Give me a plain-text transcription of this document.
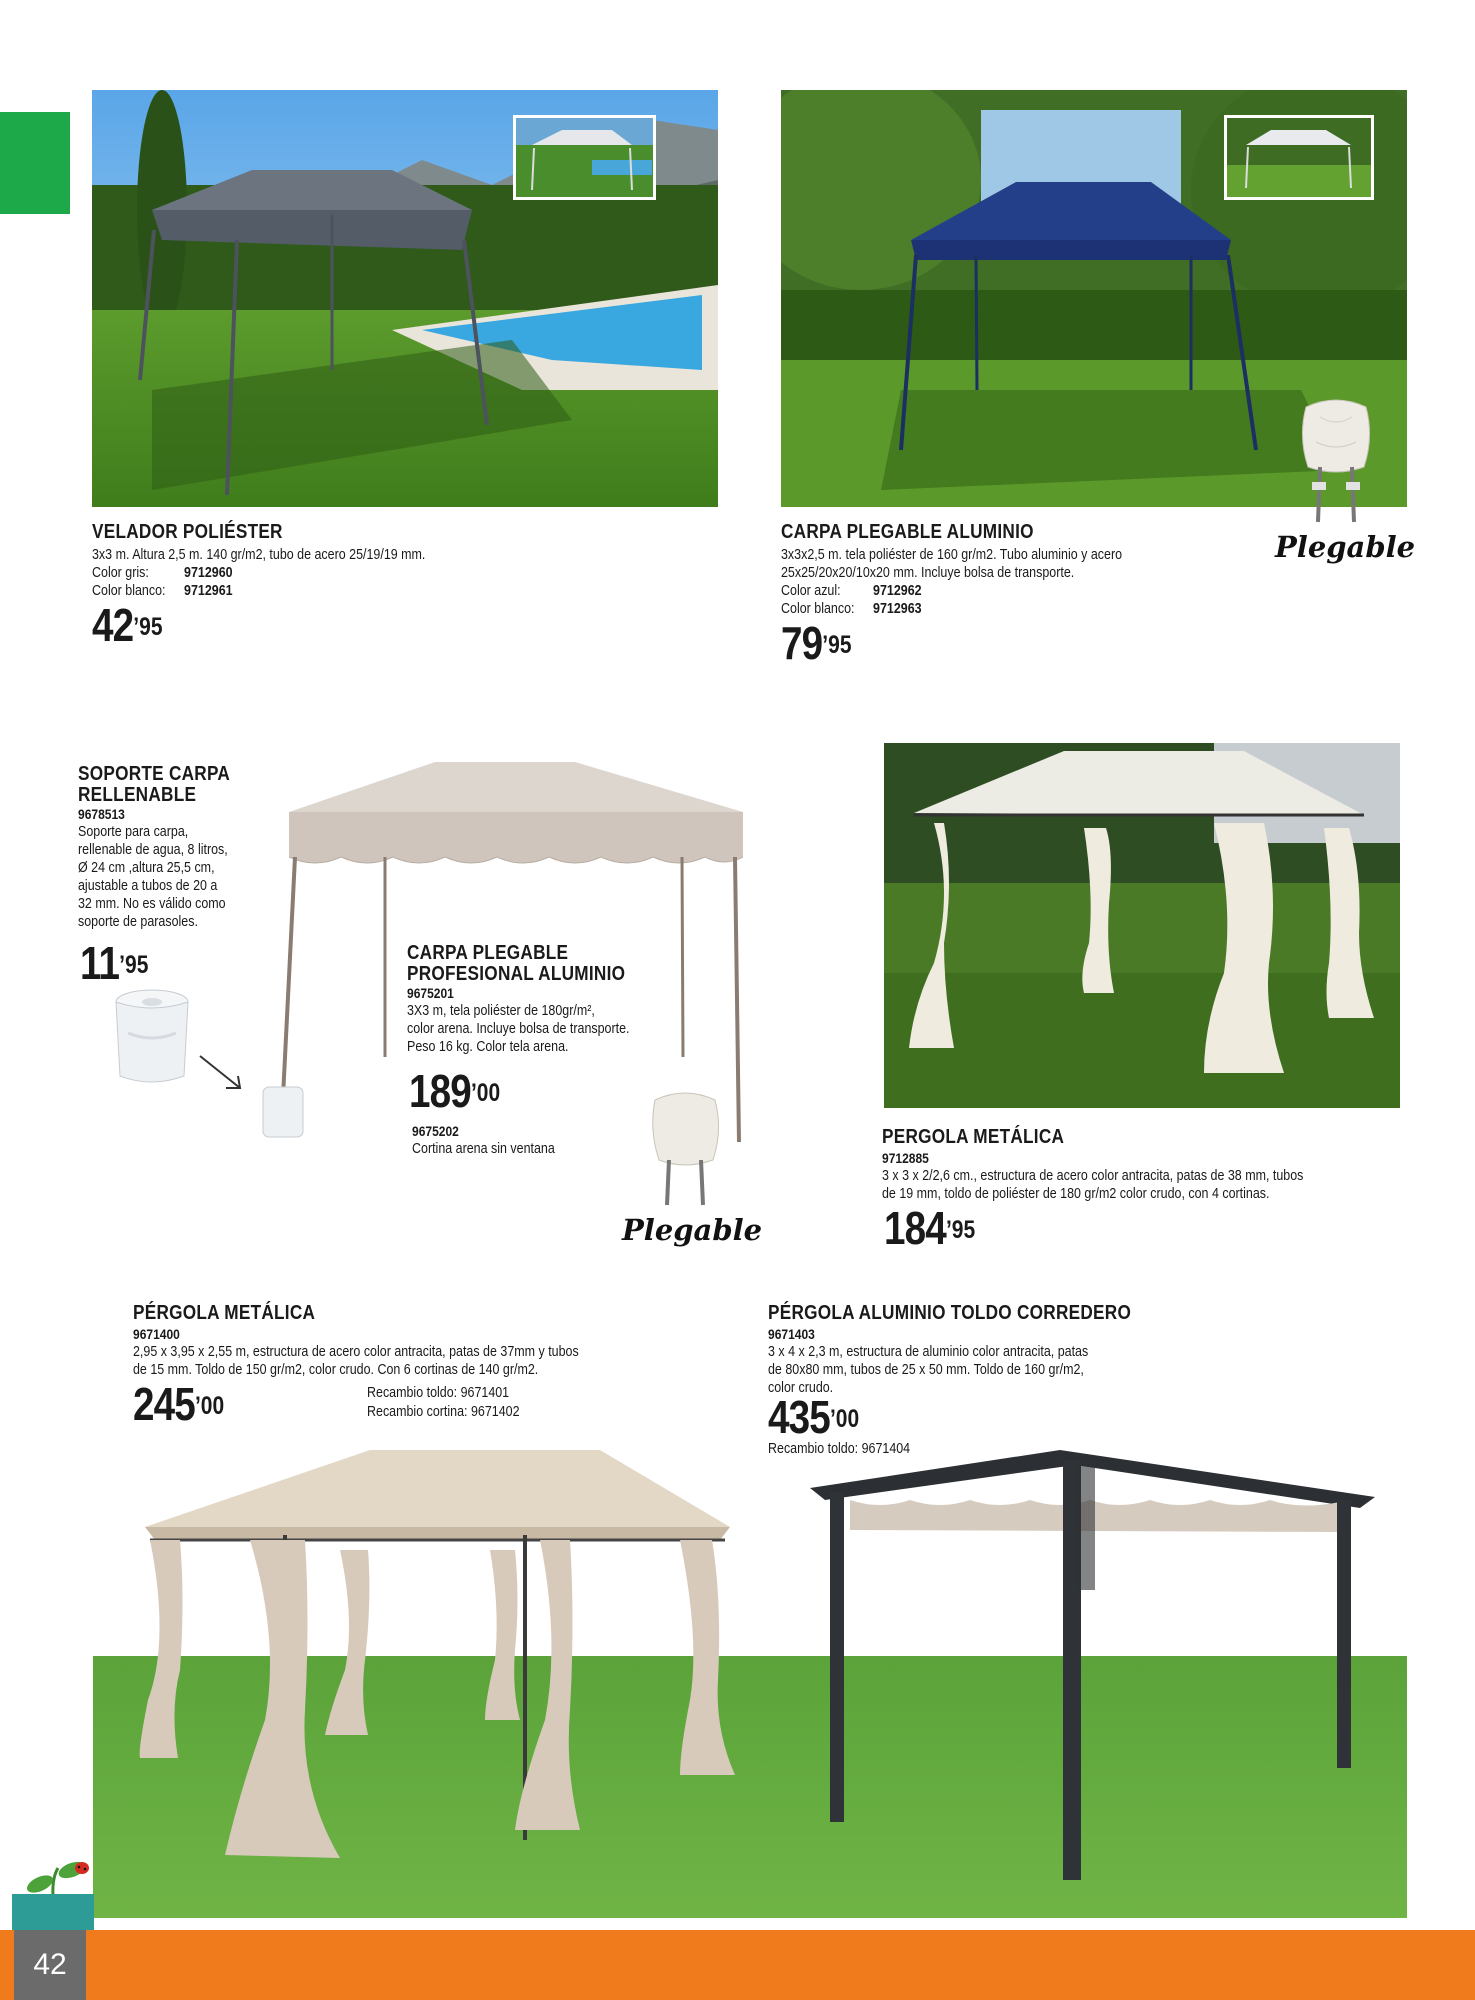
Plegable
VELADOR POLIÉSTER

3x3 m. Altura 2,5 m. 140 gr/m2, tubo de acero 25/19/19 mm.

Color gris:	9712960
Color blanco:	9712961
$42^{’95}$
CARPA PLEGABLE ALUMINIO

3x3x2,5 m. tela poliéster de 160 gr/m2. Tubo aluminio y acero

25x25/20x20/10x20 mm. Incluye bolsa de transporte.

Color azul:	9712962
Color blanco:	9712963
$79^{’95}$
SOPORTE CARPA
RELLENABLE
9678513

Soporte para carpa,

rellenable de agua, 8 litros,

Ø 24 cm ,altura 25,5 cm,

ajustable a tubos de 20 a

32 mm. No es válido como

soporte de parasoles.

$11^{’95}$	CARPA PLEGABLE
PROFESIONAL ALUMINIO
9675201

3X3 m, tela poliéster de 180gr/m²,

color arena. Incluye bolsa de transporte.

Peso 16 kg. Color tela arena.

$189^{’00}$
9675202
Cortina arena sin ventana
Plegable
PERGOLA METÁLICA
9712885

3 x 3 x 2/2,6 cm., estructura de acero color antracita, patas de 38 mm, tubos

de 19 mm, toldo de poliéster de 180 gr/m2 color crudo, con 4 cortinas.

$184^{’95}$
PÉRGOLA METÁLICA
9671400

2,95 x 3,95 x 2,55 m, estructura de acero color antracita, patas de 37mm y tubos

de 15 mm. Toldo de 150 gr/m2, color crudo. Con 6 cortinas de 140 gr/m2.

$245^{’00}$	Recambio toldo: 9671401
Recambio cortina: 9671402
PÉRGOLA ALUMINIO TOLDO CORREDERO
9671403

3 x 4 x 2,3 m, estructura de aluminio color antracita, patas

de 80x80 mm, tubos de 25 x 50 mm. Toldo de 160 gr/m2,

color crudo.

$435^{’00}$
Recambio toldo: 9671404
42
